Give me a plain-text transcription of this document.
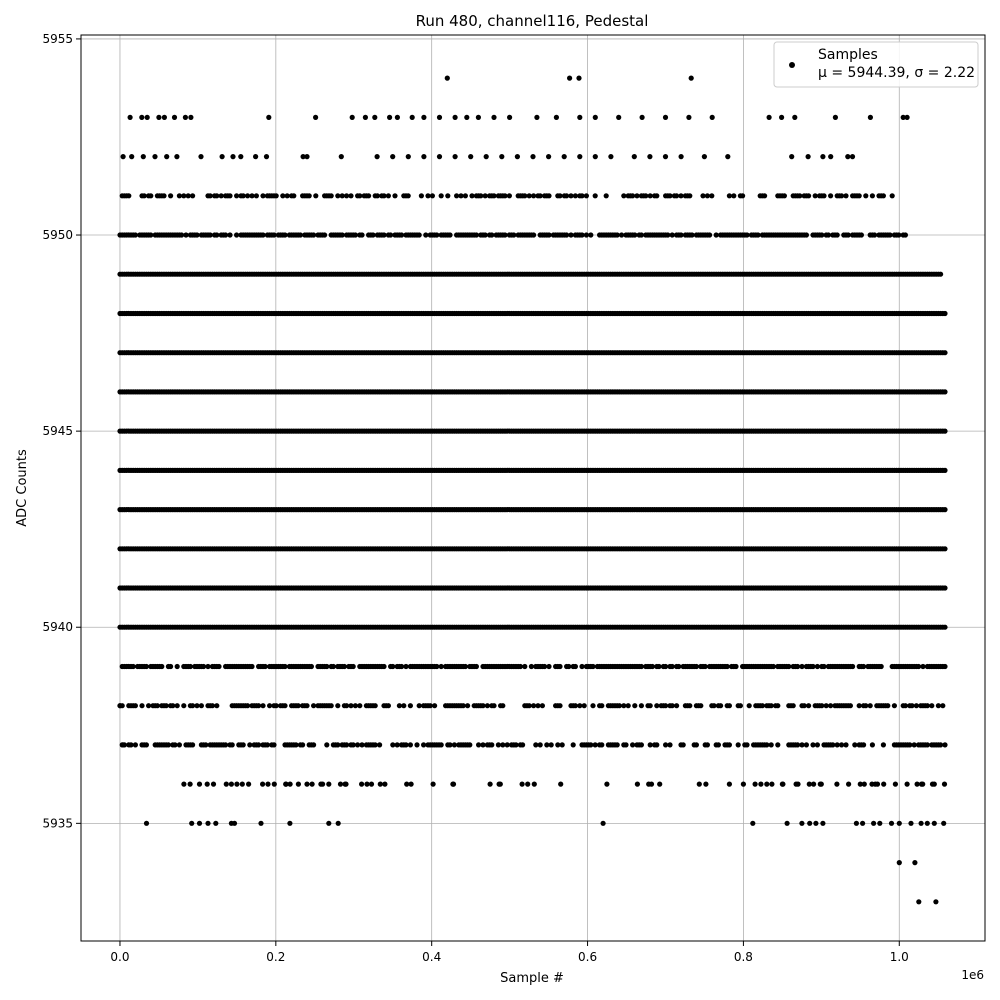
Run 480, channel116, Pedestal
0.0	0.2	0.4	0.6	0.8	1.0
5935
5940
5945
5950
5955
Sample #
ADC Counts
1e6
Samples
μ = 5944.39, σ = 2.22
